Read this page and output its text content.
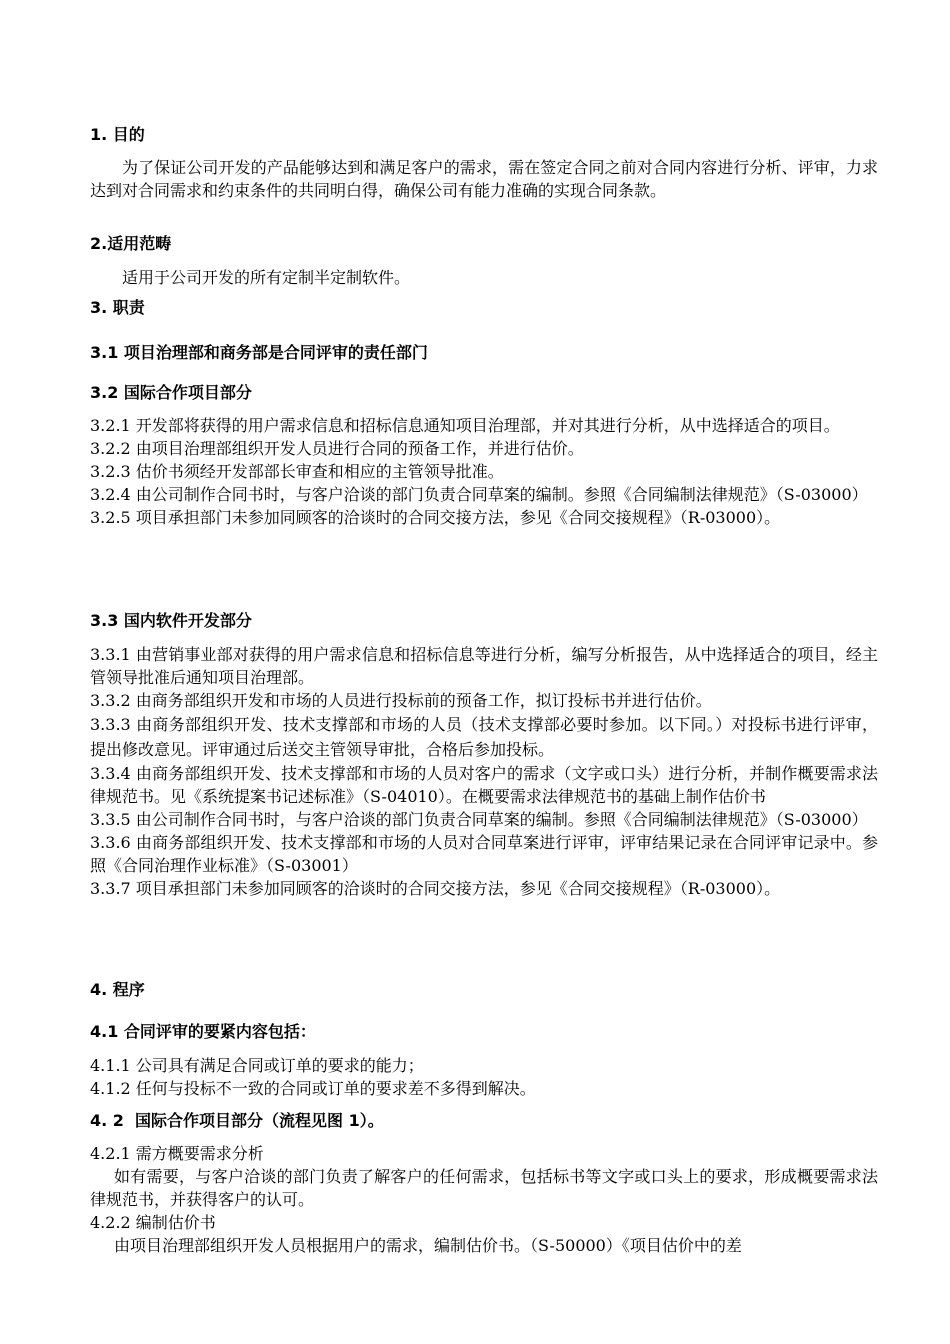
1. 目的
为了保证公司开发的产品能够达到和满足客户的需求，需在签定合同之前对合同内容进行分析、评审，力求达到对合同需求和约束条件的共同明白得，确保公司有能力准确的实现合同条款。
2.适用范畴
适用于公司开发的所有定制半定制软件。
3. 职责
3.1 项目治理部和商务部是合同评审的责任部门
3.2 国际合作项目部分
3.2.1 开发部将获得的用户需求信息和招标信息通知项目治理部，并对其进行分析，从中选择适合的项目。
3.2.2 由项目治理部组织开发人员进行合同的预备工作，并进行估价。
3.2.3 估价书须经开发部部长审查和相应的主管领导批准。
3.2.4 由公司制作合同书时，与客户洽谈的部门负责合同草案的编制。参照《合同编制法律规范》（S-03000）
3.2.5 项目承担部门未参加同顾客的洽谈时的合同交接方法，参见《合同交接规程》（R-03000）。
3.3 国内软件开发部分
3.3.1 由营销事业部对获得的用户需求信息和招标信息等进行分析，编写分析报告，从中选择适合的项目，经主管领导批准后通知项目治理部。
3.3.2 由商务部组织开发和市场的人员进行投标前的预备工作，拟订投标书并进行估价。
3.3.3 由商务部组织开发、技术支撑部和市场的人员（技术支撑部必要时参加。以下同。）对投标书进行评审，提出修改意见。评审通过后送交主管领导审批，合格后参加投标。
3.3.4 由商务部组织开发、技术支撑部和市场的人员对客户的需求（文字或口头）进行分析，并制作概要需求法律规范书。见《系统提案书记述标准》（S-04010）。在概要需求法律规范书的基础上制作估价书
3.3.5 由公司制作合同书时，与客户洽谈的部门负责合同草案的编制。参照《合同编制法律规范》（S-03000）
3.3.6 由商务部组织开发、技术支撑部和市场的人员对合同草案进行评审，评审结果记录在合同评审记录中。参照《合同治理作业标准》（S-03001）
3.3.7 项目承担部门未参加同顾客的洽谈时的合同交接方法，参见《合同交接规程》（R-03000）。
4. 程序
4.1 合同评审的要紧内容包括：
4.1.1 公司具有满足合同或订单的要求的能力；
4.1.2 任何与投标不一致的合同或订单的要求差不多得到解决。
4. 2  国际合作项目部分（流程见图 1）。
4.2.1 需方概要需求分析
如有需要，与客户洽谈的部门负责了解客户的任何需求，包括标书等文字或口头上的要求，形成概要需求法律规范书，并获得客户的认可。
4.2.2 编制估价书
由项目治理部组织开发人员根据用户的需求，编制估价书。（S-50000）《项目估价中的差
